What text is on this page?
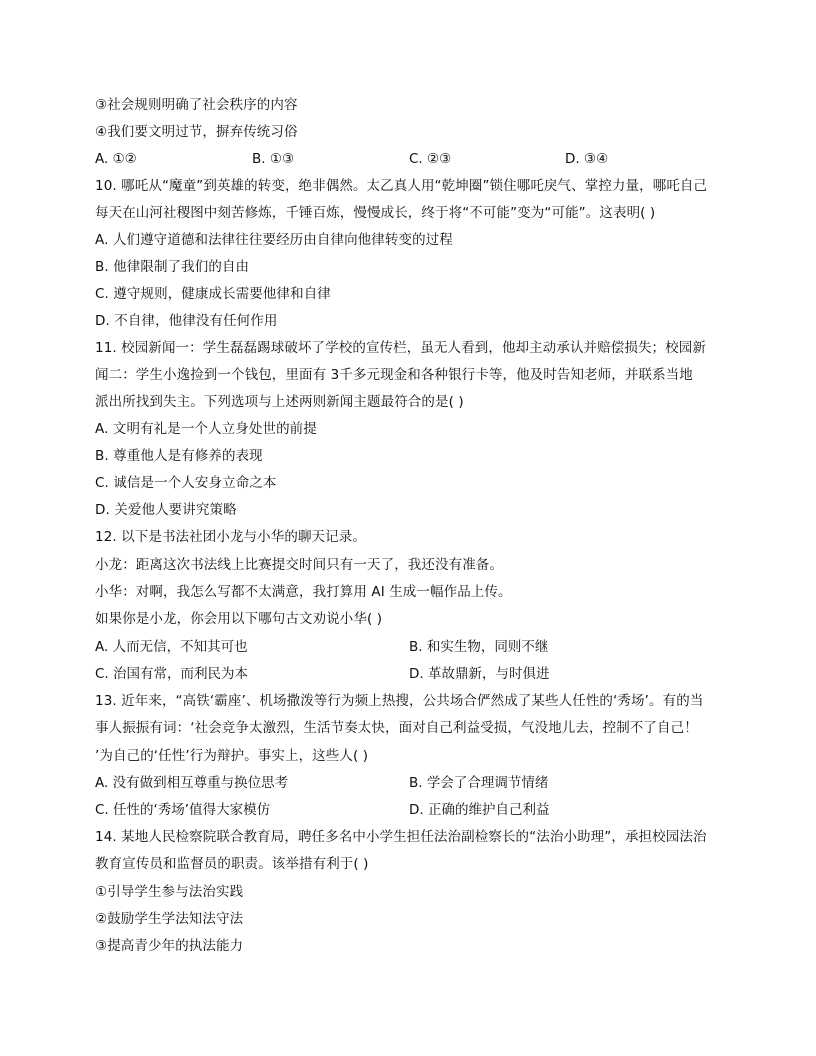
③社会规则明确了社会秩序的内容
④我们要文明过节，摒弃传统习俗
A. ①②	B. ①③	C. ②③	D. ③④
10. 哪吒从“魔童”到英雄的转变，绝非偶然。太乙真人用“乾坤圈”锁住哪吒戾气、掌控力量，哪吒自己
每天在山河社稷图中刻苦修炼，千锤百炼，慢慢成长，终于将“不可能”变为“可能”。这表明( )
A. 人们遵守道德和法律往往要经历由自律向他律转变的过程
B. 他律限制了我们的自由
C. 遵守规则，健康成长需要他律和自律
D. 不自律，他律没有任何作用
11. 校园新闻一：学生磊磊踢球破坏了学校的宣传栏，虽无人看到，他却主动承认并赔偿损失；校园新
闻二：学生小逸捡到一个钱包，里面有 3千多元现金和各种银行卡等，他及时告知老师，并联系当地
派出所找到失主。下列选项与上述两则新闻主题最符合的是( )
A. 文明有礼是一个人立身处世的前提
B. 尊重他人是有修养的表现
C. 诚信是一个人安身立命之本
D. 关爱他人要讲究策略
12. 以下是书法社团小龙与小华的聊天记录。
小龙：距离这次书法线上比赛提交时间只有一天了，我还没有准备。
小华：对啊，我怎么写都不太满意，我打算用 AI 生成一幅作品上传。
如果你是小龙，你会用以下哪句古文劝说小华( )
A. 人而无信，不知其可也	B. 和实生物，同则不继
C. 治国有常，而利民为本	D. 革故鼎新，与时俱进
13. 近年来，“高铁‘霸座’、机场撒泼等行为频上热搜，公共场合俨然成了某些人任性的‘秀场’。有的当
事人振振有词：‘社会竞争太激烈，生活节奏太快，面对自己利益受损，气没地儿去，控制不了自己！
’为自己的‘任性’行为辩护。事实上，这些人( )
A. 没有做到相互尊重与换位思考	B. 学会了合理调节情绪
C. 任性的‘秀场’值得大家模仿	D. 正确的维护自己利益
14. 某地人民检察院联合教育局，聘任多名中小学生担任法治副检察长的“法治小助理”，承担校园法治
教育宣传员和监督员的职责。该举措有利于( )
①引导学生参与法治实践
②鼓励学生学法知法守法
③提高青少年的执法能力
